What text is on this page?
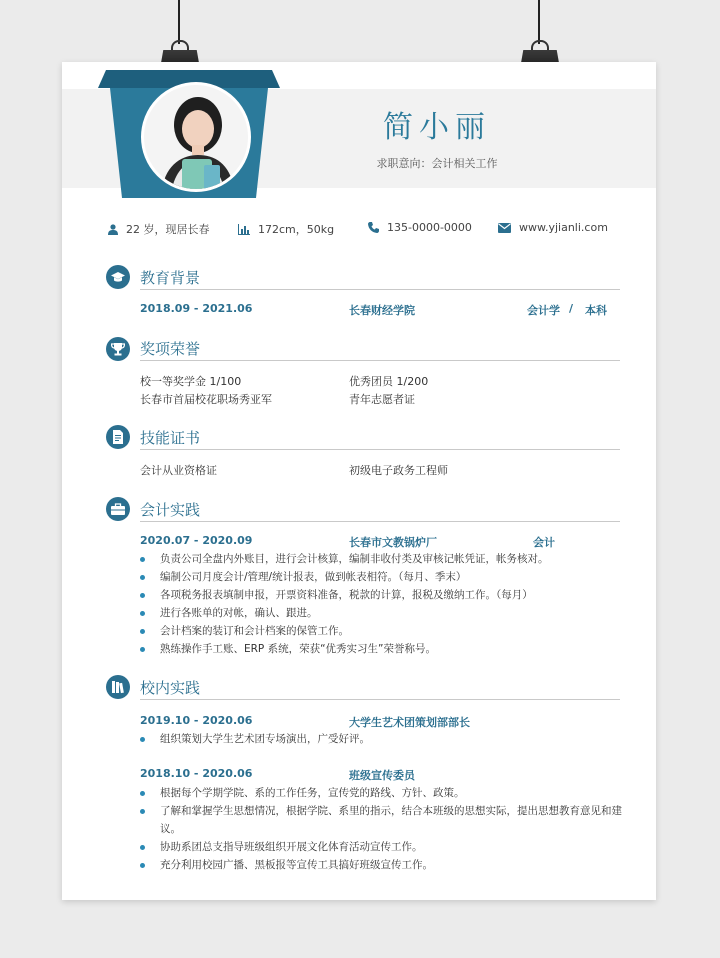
简小丽
求职意向：会计相关工作
22 岁，现居长春	172cm，50kg	135-0000-0000	www.yjianli.com
教育背景
2018.09 - 2021.06	长春财经学院	会计学 / 本科
奖项荣誉
校一等奖学金 1/100	优秀团员 1/200
长春市首届校花职场秀亚军	青年志愿者证
技能证书
会计从业资格证	初级电子政务工程师
会计实践
2020.07 - 2020.09	长春市文教锅炉厂	会计
负责公司全盘内外账目，进行会计核算，编制非收付类及审核记帐凭证，帐务核对。
编制公司月度会计/管理/统计报表，做到帐表相符。（每月、季末）
各项税务报表填制申报，开票资料准备，税款的计算，报税及缴纳工作。（每月）
进行各账单的对帐，确认、跟进。
会计档案的装订和会计档案的保管工作。
熟练操作手工账、ERP 系统，荣获“优秀实习生”荣誉称号。
校内实践
2019.10 - 2020.06	大学生艺术团策划部部长
组织策划大学生艺术团专场演出，广受好评。
2018.10 - 2020.06	班级宣传委员
根据每个学期学院、系的工作任务，宣传党的路线、方针、政策。
了解和掌握学生思想情况，根据学院、系里的指示，结合本班级的思想实际，提出思想教育意见和建议。
协助系团总支指导班级组织开展文化体育活动宣传工作。
充分利用校园广播、黑板报等宣传工具搞好班级宣传工作。
